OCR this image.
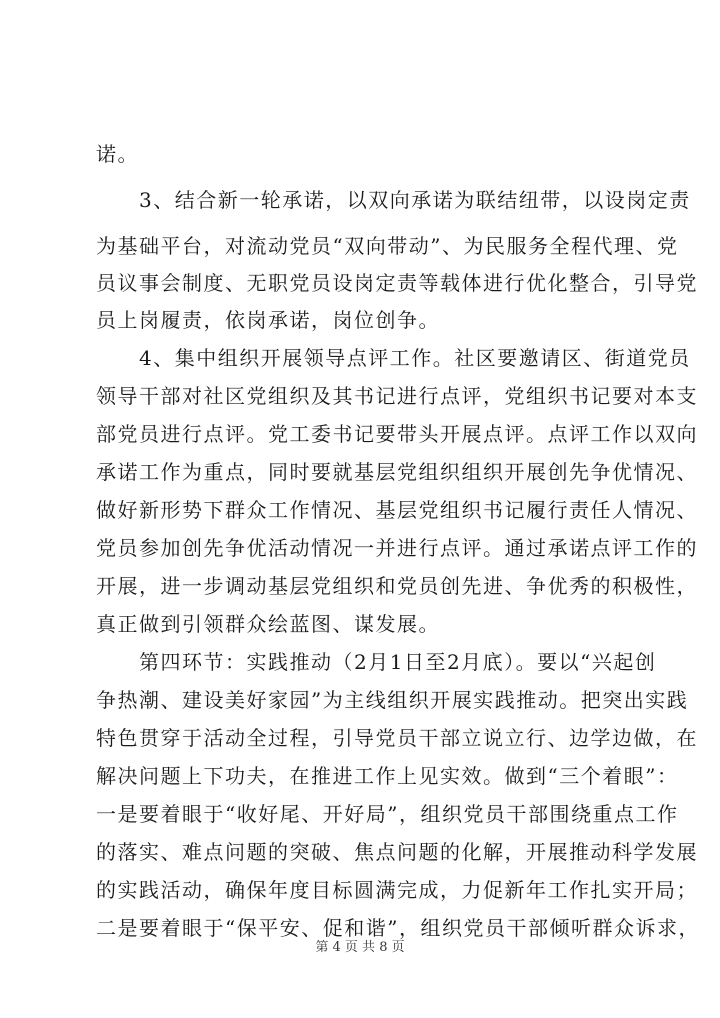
诺。
　　3、结合新一轮承诺，以双向承诺为联结纽带，以设岗定责
为基础平台，对流动党员“双向带动”、为民服务全程代理、党
员议事会制度、无职党员设岗定责等载体进行优化整合，引导党
员上岗履责，依岗承诺，岗位创争。
　　4、集中组织开展领导点评工作。社区要邀请区、街道党员
领导干部对社区党组织及其书记进行点评，党组织书记要对本支
部党员进行点评。党工委书记要带头开展点评。点评工作以双向
承诺工作为重点，同时要就基层党组织组织开展创先争优情况、
做好新形势下群众工作情况、基层党组织书记履行责任人情况、
党员参加创先争优活动情况一并进行点评。通过承诺点评工作的
开展，进一步调动基层党组织和党员创先进、争优秀的积极性，
真正做到引领群众绘蓝图、谋发展。
　　第四环节：实践推动（2月1日至2月底）。要以“兴起创
争热潮、建设美好家园”为主线组织开展实践推动。把突出实践
特色贯穿于活动全过程，引导党员干部立说立行、边学边做，在
解决问题上下功夫，在推进工作上见实效。做到“三个着眼”：
一是要着眼于“收好尾、开好局”，组织党员干部围绕重点工作
的落实、难点问题的突破、焦点问题的化解，开展推动科学发展
的实践活动，确保年度目标圆满完成，力促新年工作扎实开局；
二是要着眼于“保平安、促和谐”，组织党员干部倾听群众诉求，
第 4 页 共 8 页
